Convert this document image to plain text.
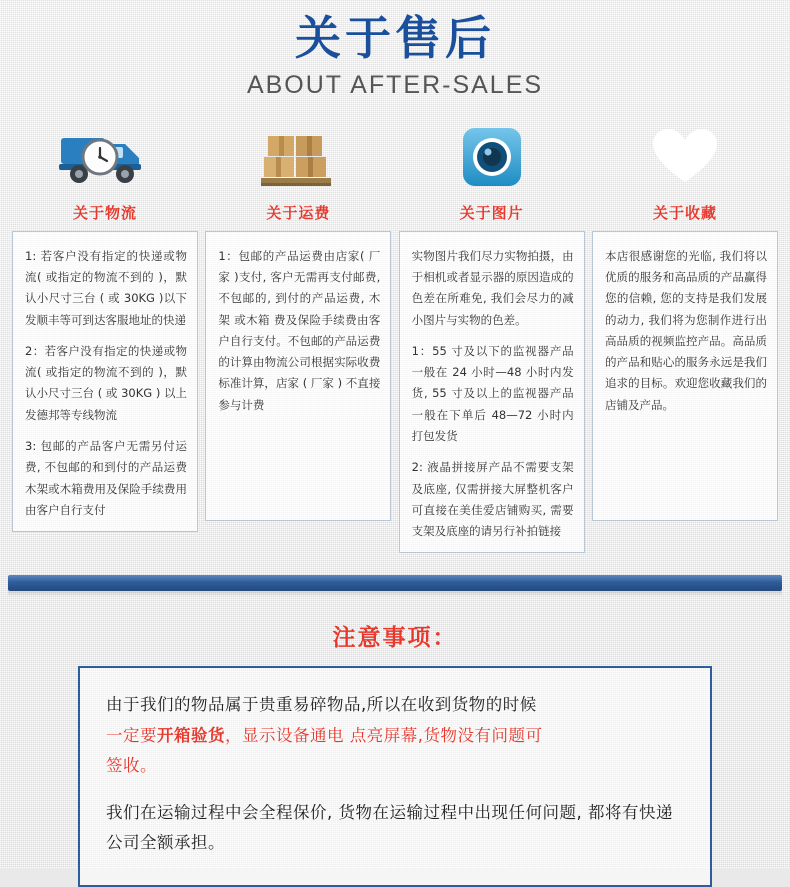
关于售后
ABOUT AFTER-SALES
关于物流

1: 若客户没有指定的快递或物流( 或指定的物流不到的 )，默认小尺寸三台 ( 或 30KG )以下发顺丰等可到达客服地址的快递

2：若客户没有指定的快递或物流( 或指定的物流不到的 )，默认小尺寸三台 ( 或 30KG ) 以上发德邦等专线物流

3: 包邮的产品客户无需另付运费, 不包邮的和到付的产品运费木架或木箱费用及保险手续费用由客户自行支付

关于运费

1：包邮的产品运费由店家( 厂家 )支付, 客户无需再支付邮费, 不包邮的, 到付的产品运费, 木架 或木箱 费及保险手续费由客户自行支付。不包邮的产品运费的计算由物流公司根据实际收费标准计算，店家 ( 厂家 ) 不直接参与计费

关于图片

实物图片我们尽力实物拍摄，由于相机或者显示器的原因造成的色差在所难免, 我们会尽力的减小图片与实物的色差。

1：55 寸及以下的监视器产品一般在 24 小时—48 小时内发货, 55 寸及以上的监视器产品一般在下单后 48—72 小时内打包发货

2: 液晶拼接屏产品不需要支架及底座, 仅需拼接大屏整机客户可直接在美佳爱店铺购买, 需要支架及底座的请另行补拍链接

关于收藏

本店很感谢您的光临, 我们将以优质的服务和高品质的产品赢得您的信赖, 您的支持是我们发展的动力, 我们将为您制作进行出高品质的视频监控产品。高品质的产品和贴心的服务永远是我们追求的目标。欢迎您收藏我们的店铺及产品。

注意事项：

由于我们的物品属于贵重易碎物品,所以在收到货物的时候
一定要开箱验货，显示设备通电 点亮屏幕,货物没有问题可
签收。

我们在运输过程中会全程保价, 货物在运输过程中出现任何问题, 都将有快递公司全额承担。
